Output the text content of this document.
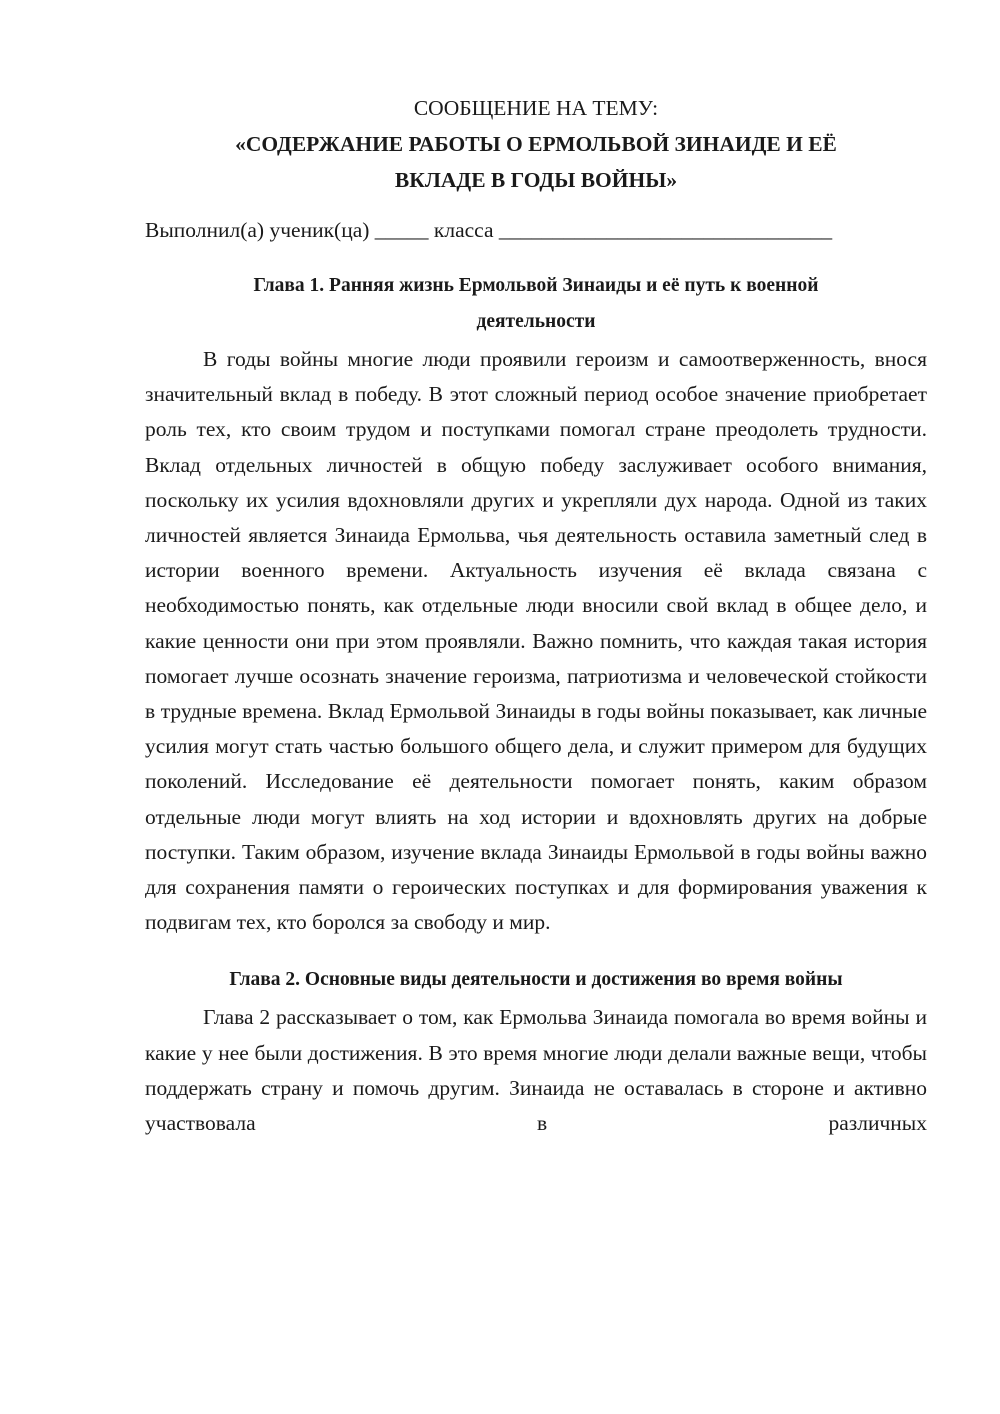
СООБЩЕНИЕ НА ТЕМУ:

«СОДЕРЖАНИЕ РАБОТЫ О ЕРМОЛЬВОЙ ЗИНАИДЕ И ЕЁ
ВКЛАДЕ В ГОДЫ ВОЙНЫ»

Выполнил(а) ученик(ца) _____ класса _______________________________

Глава 1. Ранняя жизнь Ермольвой Зинаиды и её путь к военной
деятельности

В годы войны многие люди проявили героизм и самоотверженность, внося значительный вклад в победу. В этот сложный период особое значение приобретает роль тех, кто своим трудом и поступками помогал стране преодолеть трудности. Вклад отдельных личностей в общую победу заслуживает особого внимания, поскольку их усилия вдохновляли других и укрепляли дух народа. Одной из таких личностей является Зинаида Ермольва, чья деятельность оставила заметный след в истории военного времени. Актуальность изучения её вклада связана с необходимостью понять, как отдельные люди вносили свой вклад в общее дело, и какие ценности они при этом проявляли. Важно помнить, что каждая такая история помогает лучше осознать значение героизма, патриотизма и человеческой стойкости в трудные времена. Вклад Ермольвой Зинаиды в годы войны показывает, как личные усилия могут стать частью большого общего дела, и служит примером для будущих поколений. Исследование её деятельности помогает понять, каким образом отдельные люди могут влиять на ход истории и вдохновлять других на добрые поступки. Таким образом, изучение вклада Зинаиды Ермольвой в годы войны важно для сохранения памяти о героических поступках и для формирования уважения к подвигам тех, кто боролся за свободу и мир.

Глава 2. Основные виды деятельности и достижения во время войны

Глава 2 рассказывает о том, как Ермольва Зинаида помогала во время войны и какие у нее были достижения. В это время многие люди делали важные вещи, чтобы поддержать страну и помочь другим. Зинаида не оставалась в стороне и активно участвовала в различных
